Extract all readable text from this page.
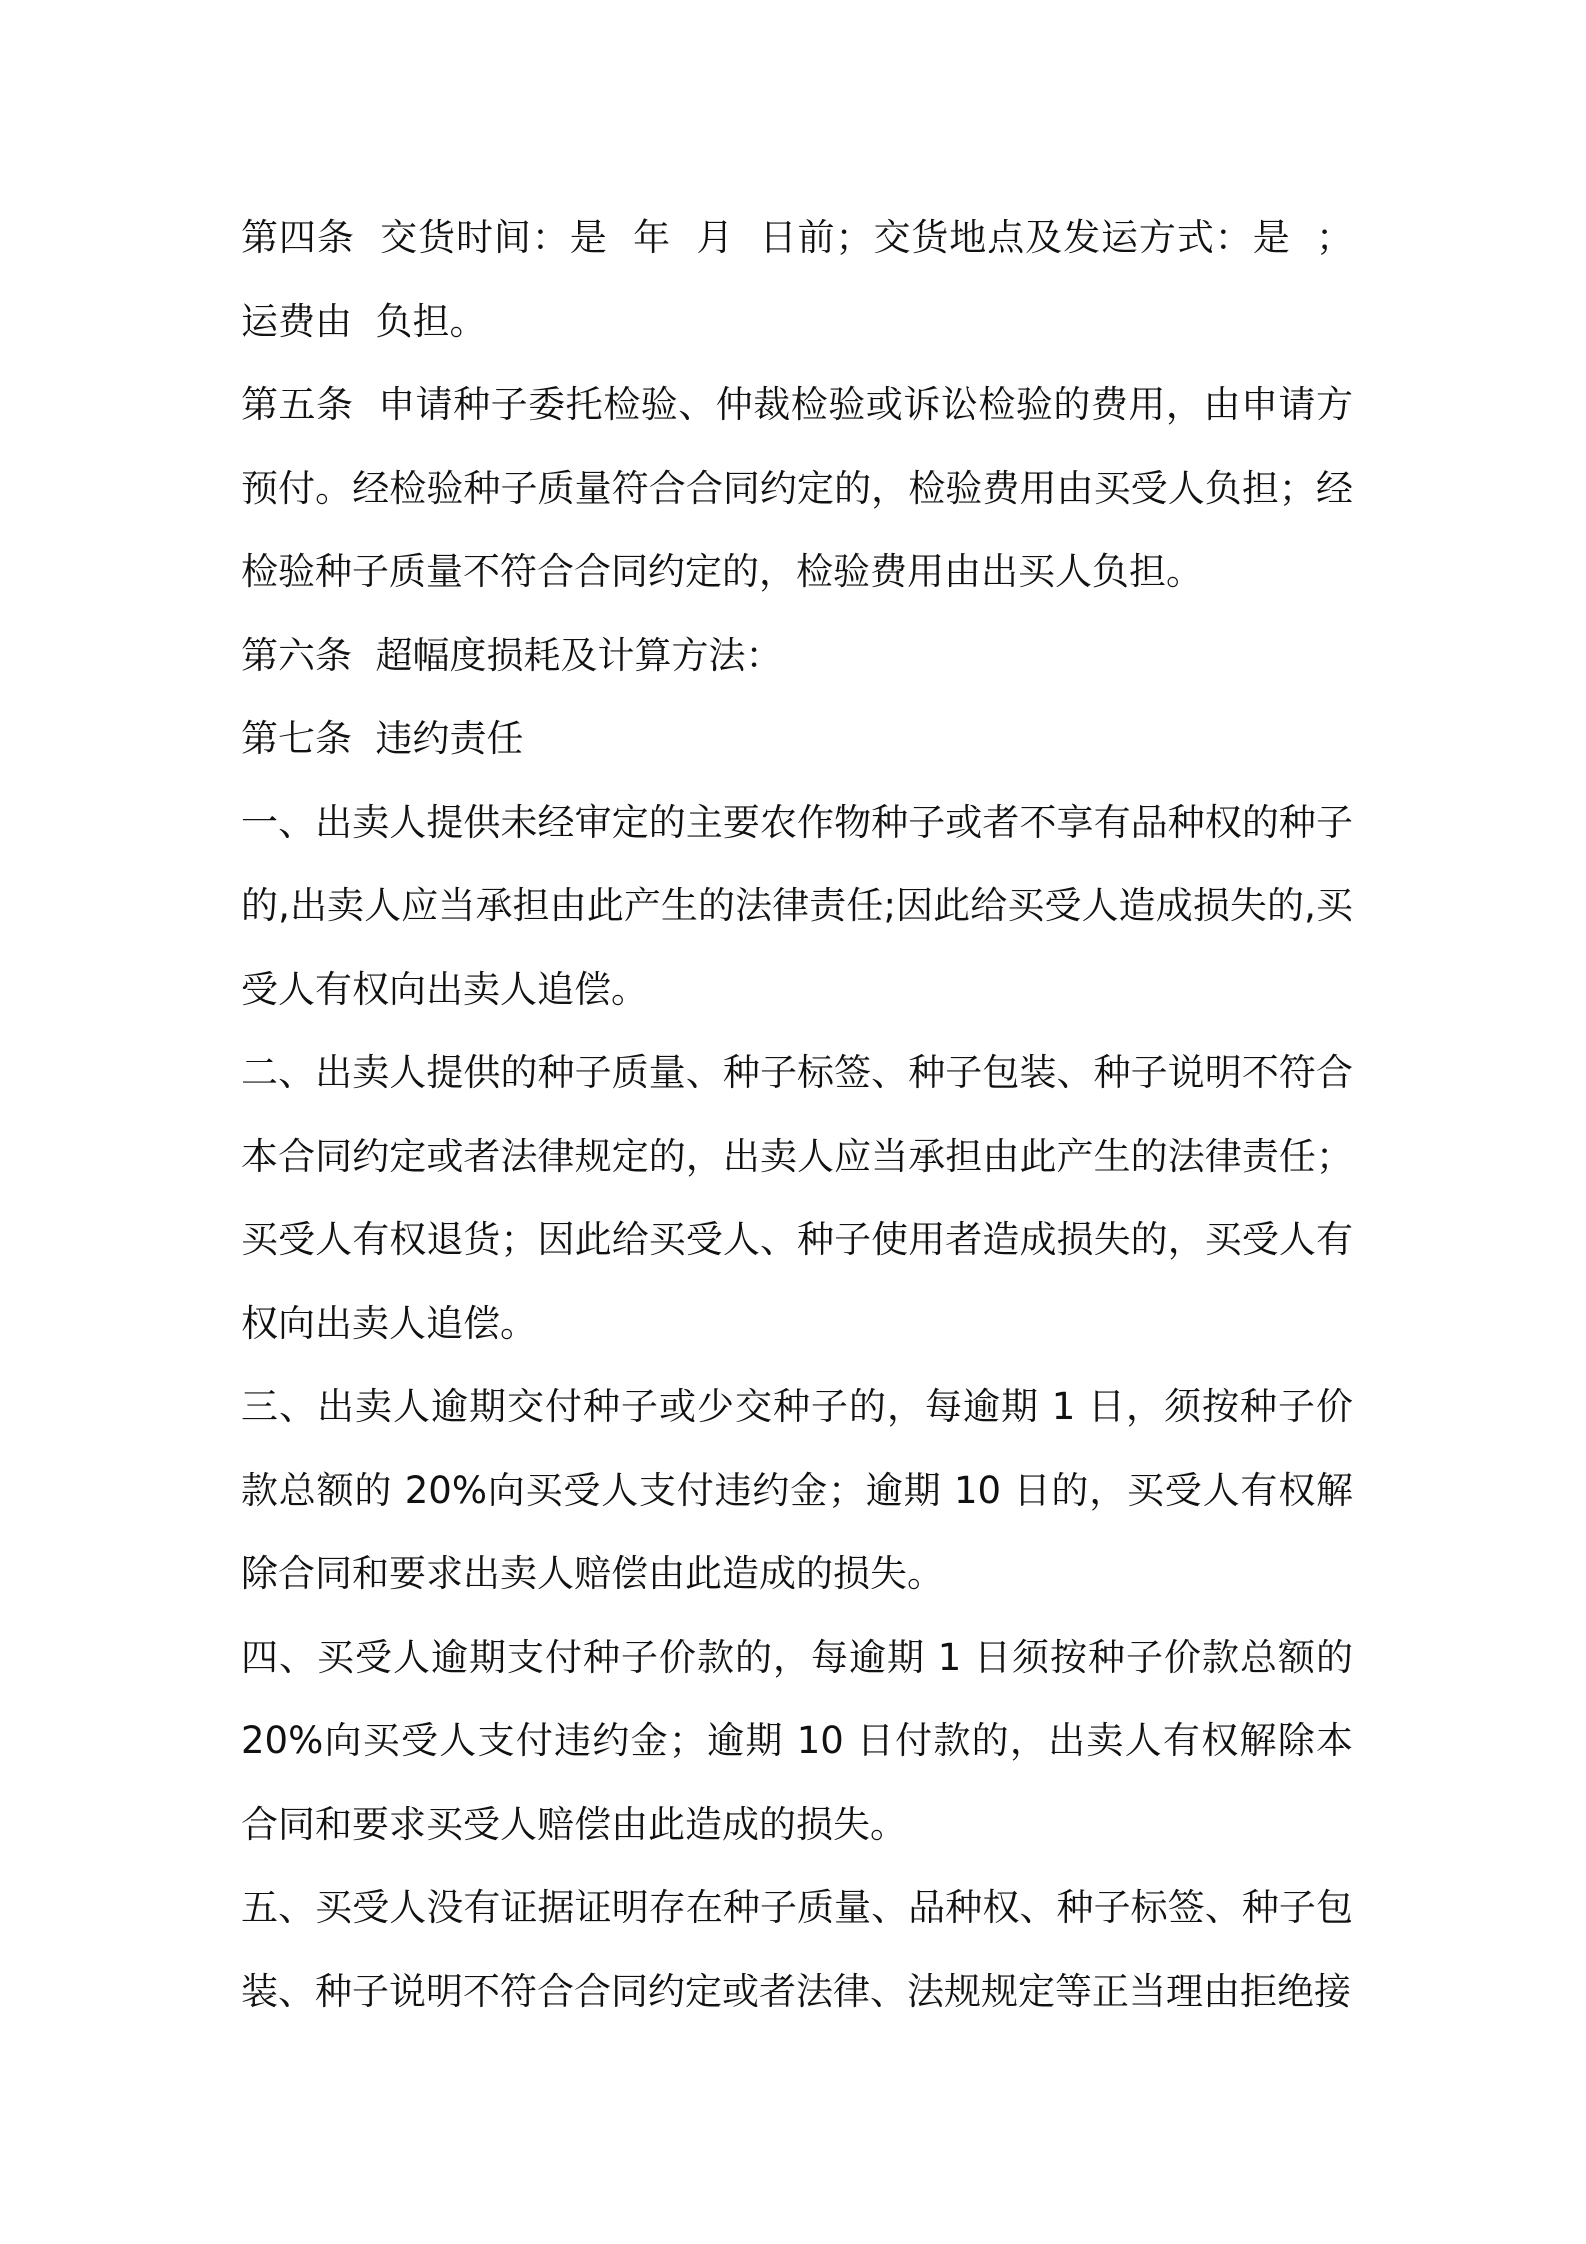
第四条  交货时间：是  年  月  日前；交货地点及发运方式：是  ；运费由  负担。

第五条  申请种子委托检验、仲裁检验或诉讼检验的费用，由申请方预付。经检验种子质量符合合同约定的，检验费用由买受人负担；经检验种子质量不符合合同约定的，检验费用由出买人负担。

第六条  超幅度损耗及计算方法：

第七条  违约责任

一、出卖人提供未经审定的主要农作物种子或者不享有品种权的种子的,出卖人应当承担由此产生的法律责任;因此给买受人造成损失的,买受人有权向出卖人追偿。

二、出卖人提供的种子质量、种子标签、种子包装、种子说明不符合本合同约定或者法律规定的，出卖人应当承担由此产生的法律责任；买受人有权退货；因此给买受人、种子使用者造成损失的，买受人有权向出卖人追偿。

三、出卖人逾期交付种子或少交种子的，每逾期 1 日，须按种子价款总额的 20%向买受人支付违约金；逾期 10 日的，买受人有权解除合同和要求出卖人赔偿由此造成的损失。

四、买受人逾期支付种子价款的，每逾期 1 日须按种子价款总额的 20%向买受人支付违约金；逾期 10 日付款的，出卖人有权解除本合同和要求买受人赔偿由此造成的损失。

五、买受人没有证据证明存在种子质量、品种权、种子标签、种子包装、种子说明不符合合同约定或者法律、法规规定等正当理由拒绝接
